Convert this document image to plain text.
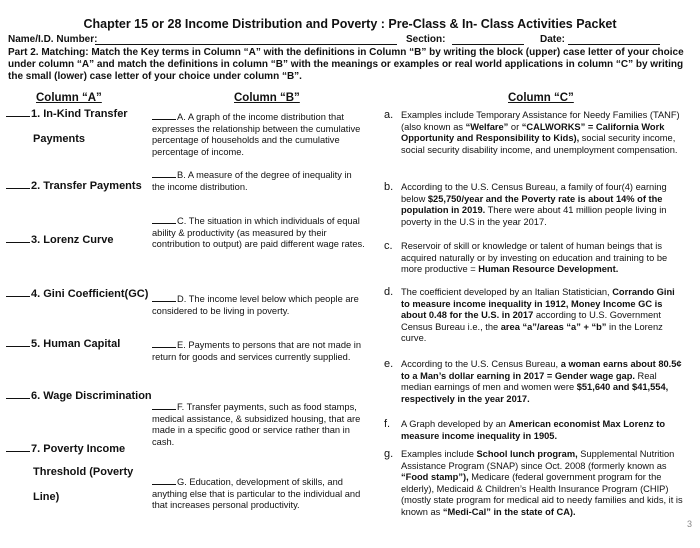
Chapter 15 or 28 Income Distribution and Poverty : Pre-Class & In- Class Activities Packet
Name/I.D. Number:	Section:	Date:
Part 2. Matching: Match the Key terms in Column “A” with the definitions in Column “B” by writing the block (upper) case letter of your choice under column “A” and match the definitions in column “B” with the meanings or examples or real world applications in column “C” by writing the small (lower) case letter of your choice under column “B”.
Column “A”	Column “B”	Column “C”
1. In-Kind Transfer
Payments
2. Transfer Payments
3. Lorenz Curve
4. Gini Coefficient(GC)
5. Human Capital
6. Wage Discrimination
7. Poverty Income
Threshold (Poverty
Line)
A. A graph of the income distribution that expresses the relationship between the cumulative percentage of households and the cumulative percentage of income.
B. A measure of the degree of inequality in the income distribution.
C. The situation in which individuals of equal ability & productivity (as measured by their contribution to output) are paid different wage rates.
D. The income level below which people are considered to be living in poverty.
E. Payments to persons that are not made in return for goods and services currently supplied.
F. Transfer payments, such as food stamps, medical assistance, & subsidized housing, that are made in a specific good or service rather than in cash.
G. Education, development of skills, and anything else that is particular to the individual and that increases personal productivity.
a. Examples include Temporary Assistance for Needy Families (TANF) (also known as “Welfare” or “CALWORKS” = California Work Opportunity and Responsibility to Kids), social security income, social security disability income, and unemployment compensation.
b. According to the U.S. Census Bureau, a family of four(4) earning below $25,750/year and the Poverty rate is about 14% of the population in 2019. There were about 41 million people living in poverty in the U.S in the year 2017.
c. Reservoir of skill or knowledge or talent of human beings that is acquired naturally or by investing on education and training to be more productive = Human Resource Development.
d. The coefficient developed by an Italian Statistician, Corrando Gini to measure income inequality in 1912, Money Income GC is about 0.48 for the U.S. in 2017 according to U.S. Government Census Bureau i.e., the area “a”/areas “a” + “b” in the Lorenz curve.
e. According to the U.S. Census Bureau, a woman earns about 80.5¢ to a Man’s dollar earning in 2017 = Gender wage gap. Real median earnings of men and women were $51,640 and $41,554, respectively in the year 2017.
f. A Graph developed by an American economist Max Lorenz to measure income inequality in 1905.
g. Examples include School lunch program, Supplemental Nutrition Assistance Program (SNAP) since Oct. 2008 (formerly known as “Food stamp”), Medicare (federal government program for the elderly), Medicaid & Children’s Health Insurance Program (CHIP) (mostly state program for medical aid to needy families and kids, it is known as “Medi-Cal” in the state of CA).
3
